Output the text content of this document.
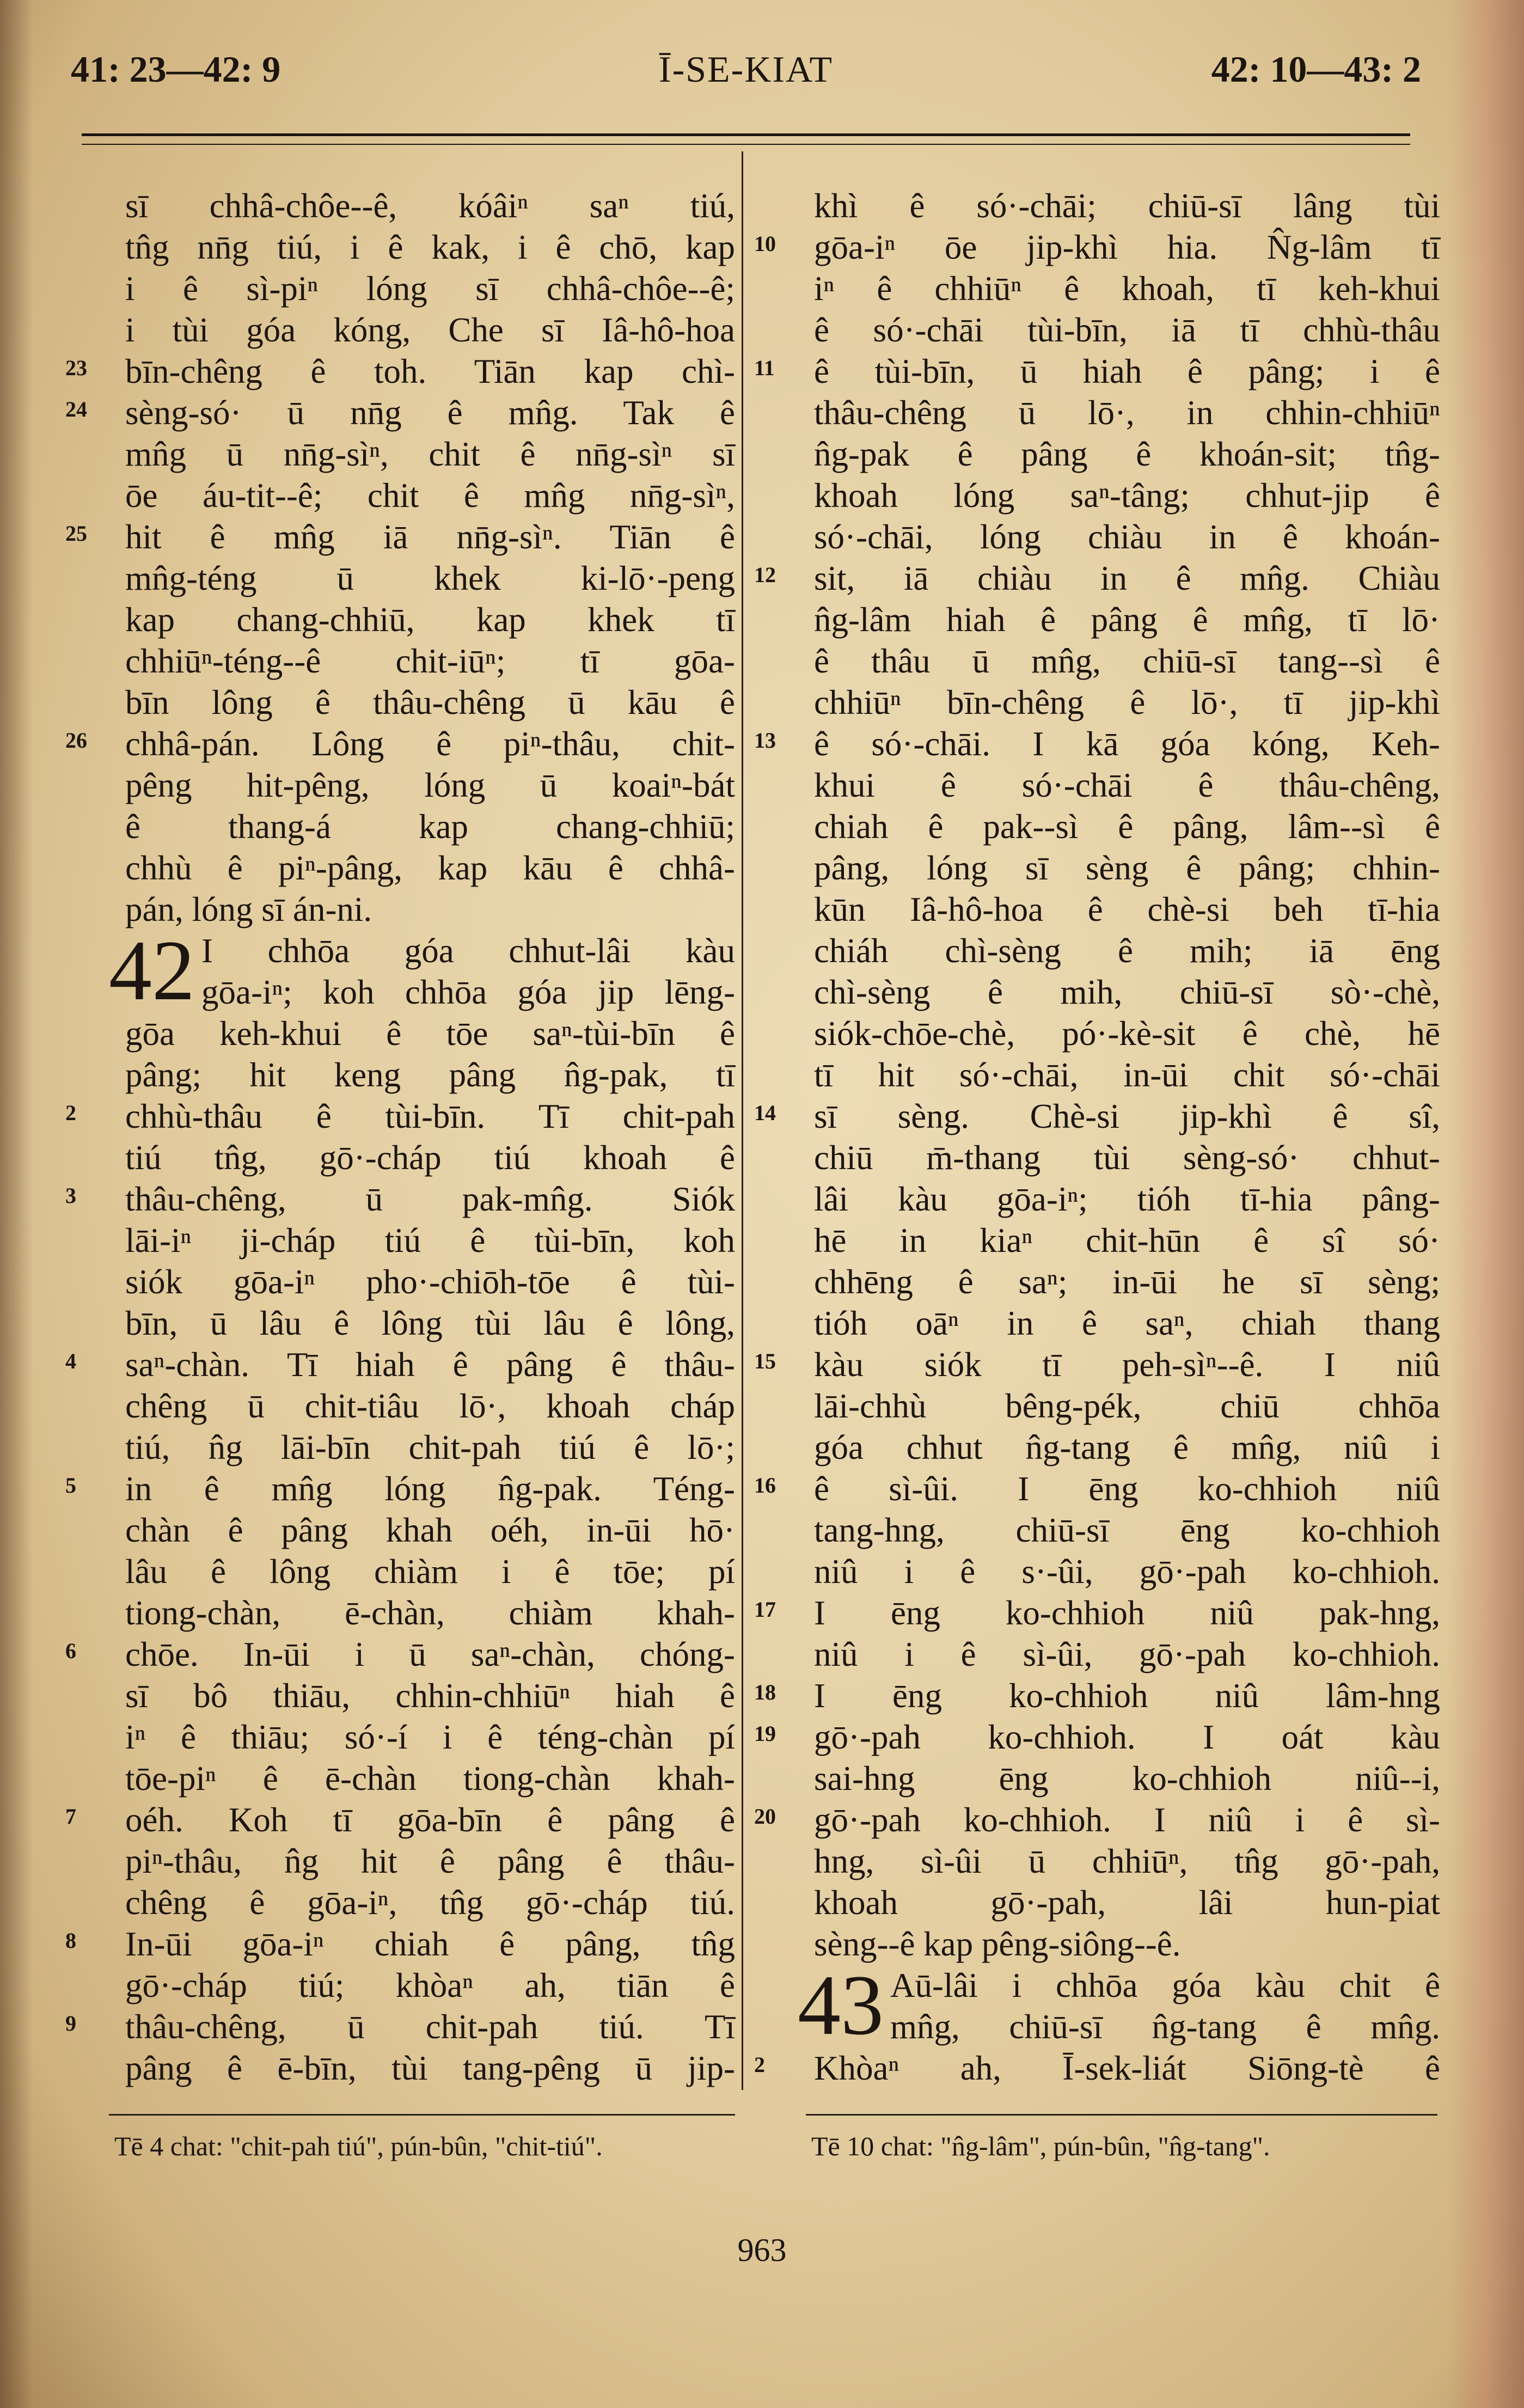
Ī-SE-KIAT
41: 23—42: 9	42: 10—43: 2
sī chhâ-chôe--ê, kóâiⁿ saⁿ tiú,
tn̂g nn̄g tiú, i ê kak, i ê chō, kap
i ê sì-piⁿ lóng sī chhâ-chôe--ê;
i tùi góa kóng, Che sī Iâ-hô-hoa
23	bīn-chêng ê toh. Tiān kap chì-
24	sèng-só· ū nn̄g ê mn̂g. Tak ê
mn̂g ū nn̄g-sìⁿ, chit ê nn̄g-sìⁿ sī
ōe áu-tit--ê; chit ê mn̂g nn̄g-sìⁿ,
25	hit ê mn̂g iā nn̄g-sìⁿ. Tiān ê
mn̂g-téng ū khek ki-lō·-peng
kap chang-chhiū, kap khek tī
chhiūⁿ-téng--ê chit-iūⁿ; tī gōa-
bīn lông ê thâu-chêng ū kāu ê
26	chhâ-pán. Lông ê piⁿ-thâu, chit-
pêng hit-pêng, lóng ū koaiⁿ-bát
ê thang-á kap chang-chhiū;
chhù ê piⁿ-pâng, kap kāu ê chhâ-
pán, lóng sī án-ni.
42 I chhōa góa chhut-lâi kàu
gōa-iⁿ; koh chhōa góa jip lēng-
gōa keh-khui ê tōe saⁿ-tùi-bīn ê
pâng; hit keng pâng n̂g-pak, tī
2	chhù-thâu ê tùi-bīn. Tī chit-pah
tiú tn̂g, gō·-cháp tiú khoah ê
3	thâu-chêng, ū pak-mn̂g. Siók
lāi-iⁿ ji-cháp tiú ê tùi-bīn, koh
siók gōa-iⁿ pho·-chiōh-tōe ê tùi-
bīn, ū lâu ê lông tùi lâu ê lông,
4	saⁿ-chàn. Tī hiah ê pâng ê thâu-
chêng ū chit-tiâu lō·, khoah cháp
tiú, n̂g lāi-bīn chit-pah tiú ê lō·;
5	in ê mn̂g lóng n̂g-pak. Téng-
chàn ê pâng khah oéh, in-ūi hō·
lâu ê lông chiàm i ê tōe; pí
tiong-chàn, ē-chàn, chiàm khah-
6	chōe. In-ūi i ū saⁿ-chàn, chóng-
sī bô thiāu, chhin-chhiūⁿ hiah ê
iⁿ ê thiāu; só·-í i ê téng-chàn pí
tōe-piⁿ ê ē-chàn tiong-chàn khah-
7	oéh. Koh tī gōa-bīn ê pâng ê
piⁿ-thâu, n̂g hit ê pâng ê thâu-
chêng ê gōa-iⁿ, tn̂g gō·-cháp tiú.
8	In-ūi gōa-iⁿ chiah ê pâng, tn̂g
gō·-cháp tiú; khòaⁿ ah, tiān ê
9	thâu-chêng, ū chit-pah tiú. Tī
pâng ê ē-bīn, tùi tang-pêng ū jip-
khì ê só·-chāi; chiū-sī lâng tùi
10	gōa-iⁿ ōe jip-khì hia. N̂g-lâm tī
iⁿ ê chhiūⁿ ê khoah, tī keh-khui
ê só·-chāi tùi-bīn, iā tī chhù-thâu
11	ê tùi-bīn, ū hiah ê pâng; i ê
thâu-chêng ū lō·, in chhin-chhiūⁿ
n̂g-pak ê pâng ê khoán-sit; tn̂g-
khoah lóng saⁿ-tâng; chhut-jip ê
só·-chāi, lóng chiàu in ê khoán-
12	sit, iā chiàu in ê mn̂g. Chiàu
n̂g-lâm hiah ê pâng ê mn̂g, tī lō·
ê thâu ū mn̂g, chiū-sī tang--sì ê
chhiūⁿ bīn-chêng ê lō·, tī jip-khì
13	ê só·-chāi. I kā góa kóng, Keh-
khui ê só·-chāi ê thâu-chêng,
chiah ê pak--sì ê pâng, lâm--sì ê
pâng, lóng sī sèng ê pâng; chhin-
kūn Iâ-hô-hoa ê chè-si beh tī-hia
chiáh chì-sèng ê mih; iā ēng
chì-sèng ê mih, chiū-sī sò·-chè,
siók-chōe-chè, pó·-kè-sit ê chè, hē
tī hit só·-chāi, in-ūi chit só·-chāi
14	sī sèng. Chè-si jip-khì ê sî,
chiū m̄-thang tùi sèng-só· chhut-
lâi kàu gōa-iⁿ; tióh tī-hia pâng-
hē in kiaⁿ chit-hūn ê sî só·
chhēng ê saⁿ; in-ūi he sī sèng;
tióh oāⁿ in ê saⁿ, chiah thang
15	kàu siók tī peh-sìⁿ--ê. I niû
lāi-chhù bêng-pék, chiū chhōa
góa chhut n̂g-tang ê mn̂g, niû i
16	ê sì-ûi. I ēng ko-chhioh niû
tang-hng, chiū-sī ēng ko-chhioh
niû i ê s·-ûi, gō·-pah ko-chhioh.
17	I ēng ko-chhioh niû pak-hng,
niû i ê sì-ûi, gō·-pah ko-chhioh.
18	I ēng ko-chhioh niû lâm-hng
19	gō·-pah ko-chhioh. I oát kàu
sai-hng ēng ko-chhioh niû--i,
20	gō·-pah ko-chhioh. I niû i ê sì-
hng, sì-ûi ū chhiūⁿ, tn̂g gō·-pah,
khoah gō·-pah, lâi hun-piat
sèng--ê kap pêng-siông--ê.
43 Aū-lâi i chhōa góa kàu chit ê
mn̂g, chiū-sī n̂g-tang ê mn̂g.
2	Khòaⁿ ah, Ī-sek-liát Siōng-tè ê
Tē 4 chat: "chit-pah tiú", pún-bûn, "chit-tiú".	Tē 10 chat: "n̂g-lâm", pún-bûn, "n̂g-tang".
963
